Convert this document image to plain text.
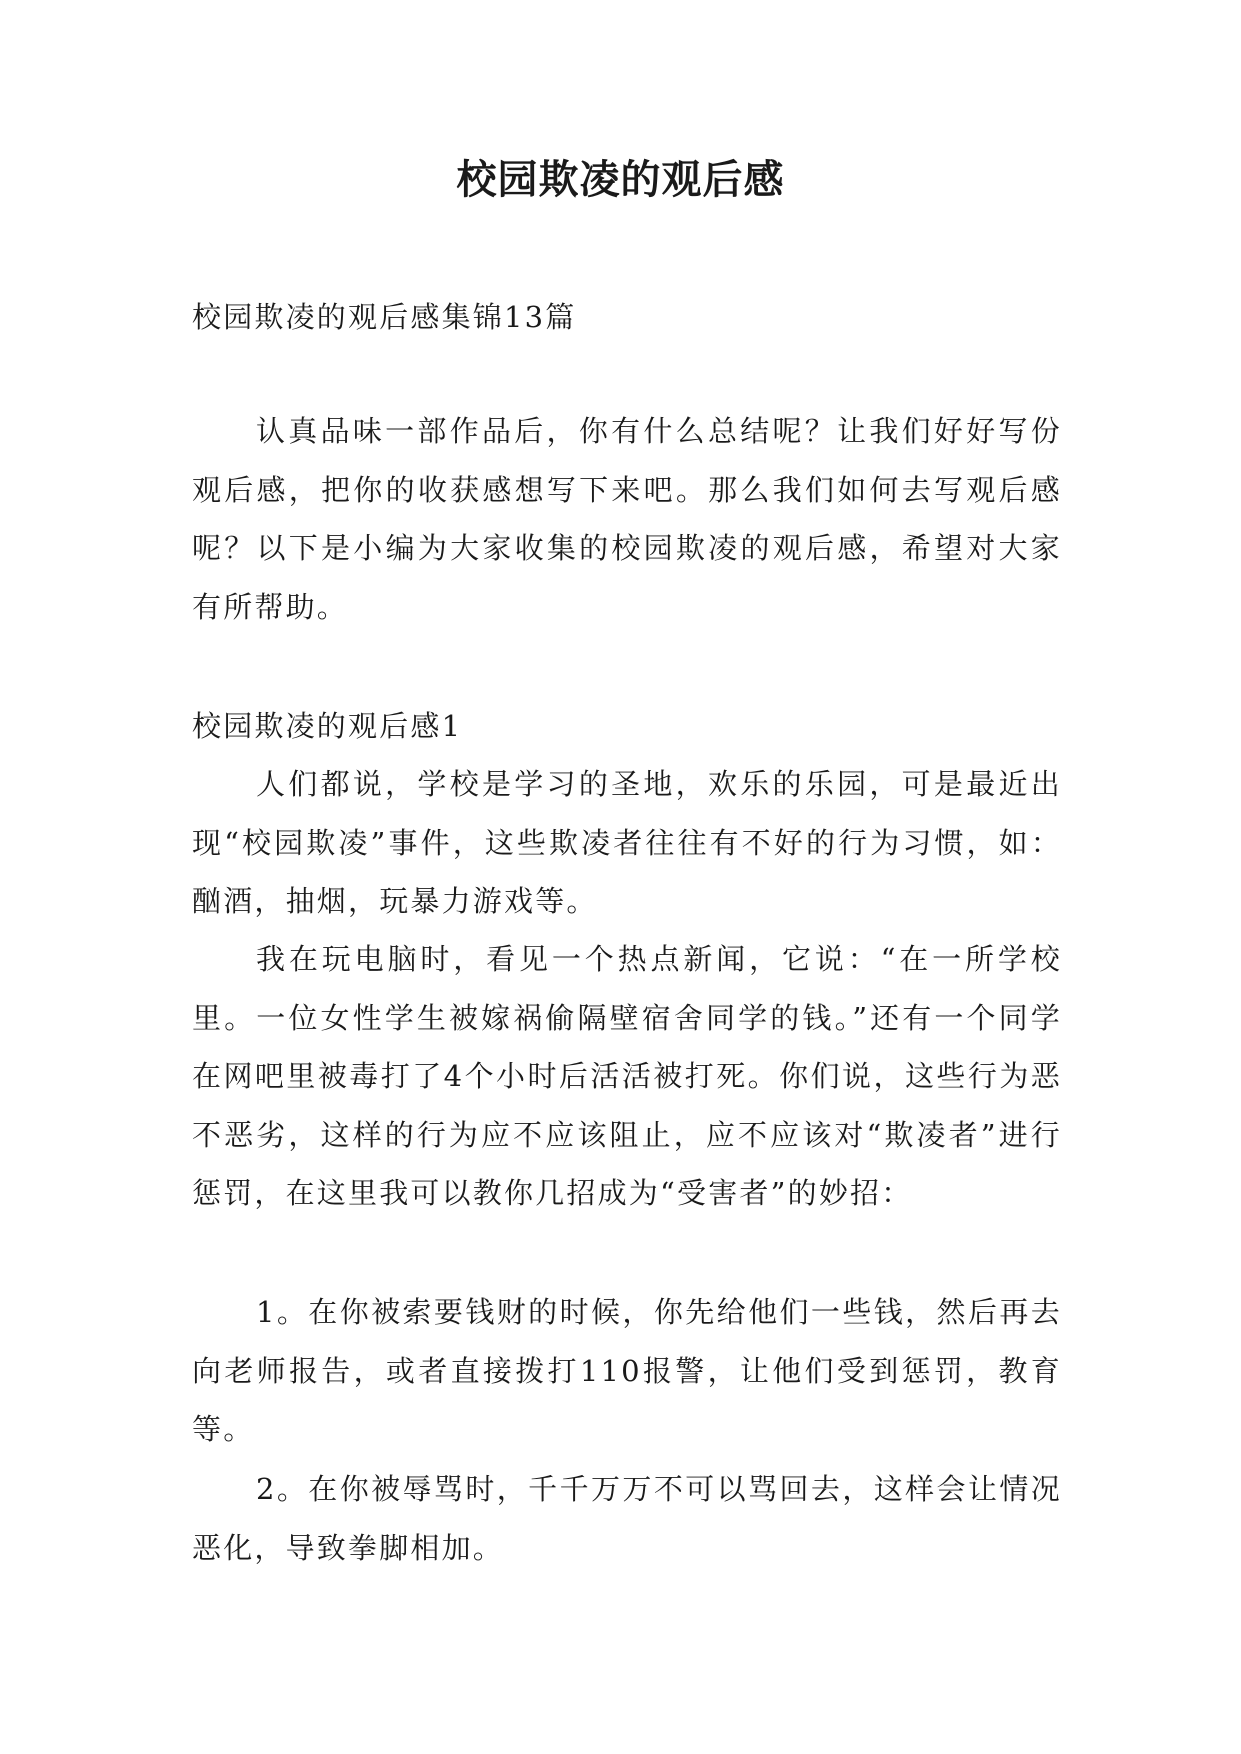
校园欺凌的观后感

校园欺凌的观后感集锦13篇

认真品味一部作品后，你有什么总结呢？让我们好好写份观后感，把你的收获感想写下来吧。那么我们如何去写观后感呢？以下是小编为大家收集的校园欺凌的观后感，希望对大家有所帮助。

校园欺凌的观后感1

人们都说，学校是学习的圣地，欢乐的乐园，可是最近出现“校园欺凌”事件，这些欺凌者往往有不好的行为习惯，如：酗酒，抽烟，玩暴力游戏等。

我在玩电脑时，看见一个热点新闻，它说：“在一所学校里。一位女性学生被嫁祸偷隔壁宿舍同学的钱。”还有一个同学在网吧里被毒打了4个小时后活活被打死。你们说，这些行为恶不恶劣，这样的行为应不应该阻止，应不应该对“欺凌者”进行惩罚，在这里我可以教你几招成为“受害者”的妙招：

1。在你被索要钱财的时候，你先给他们一些钱，然后再去向老师报告，或者直接拨打110报警，让他们受到惩罚，教育等。

2。在你被辱骂时，千千万万不可以骂回去，这样会让情况恶化，导致拳脚相加。
